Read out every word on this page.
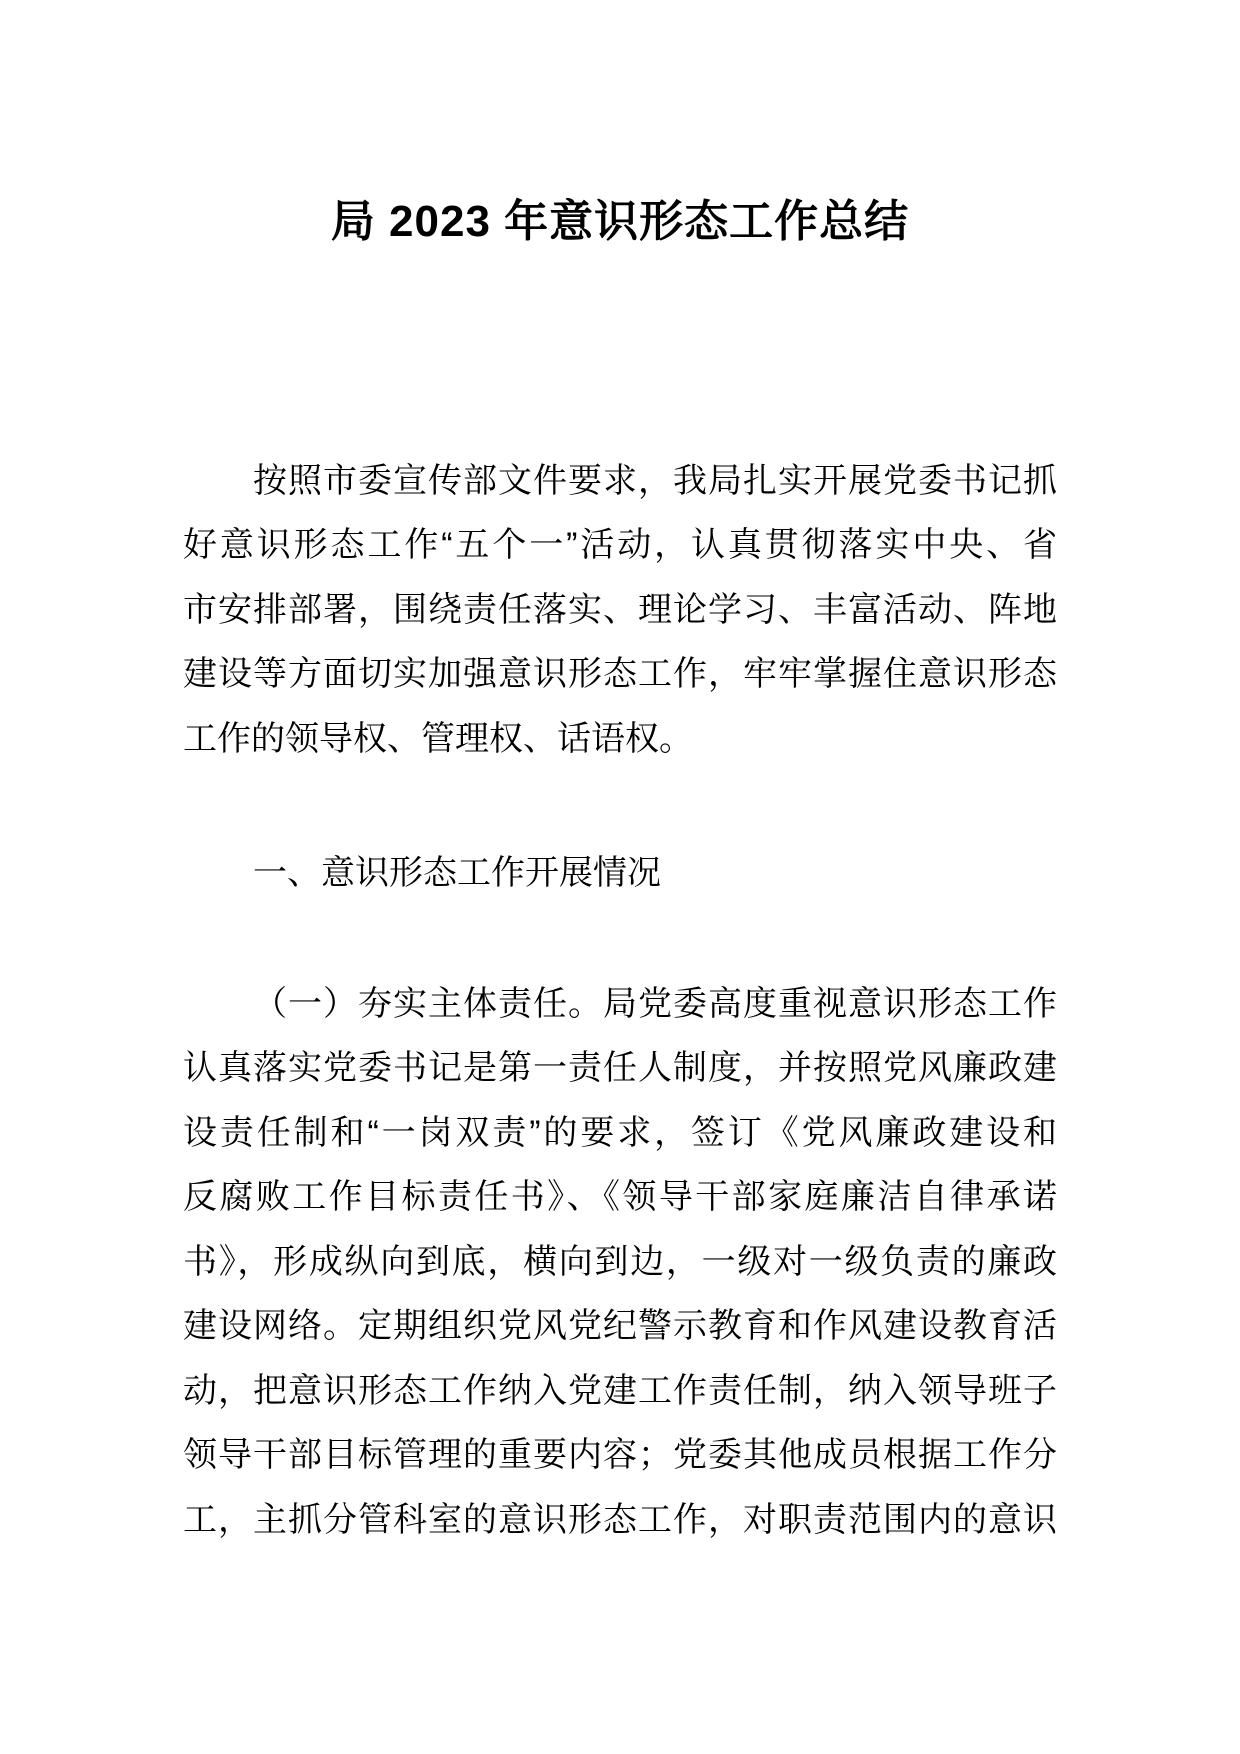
局 2023 年意识形态工作总结
按照市委宣传部文件要求，我局扎实开展党委书记抓
好意识形态工作“五个一”活动，认真贯彻落实中央、省
市安排部署，围绕责任落实、理论学习、丰富活动、阵地
建设等方面切实加强意识形态工作，牢牢掌握住意识形态
工作的领导权、管理权、话语权。
一、意识形态工作开展情况
（一）夯实主体责任。局党委高度重视意识形态工作
认真落实党委书记是第一责任人制度，并按照党风廉政建
设责任制和“一岗双责”的要求，签订《党风廉政建设和
反腐败工作目标责任书》、《领导干部家庭廉洁自律承诺
书》，形成纵向到底，横向到边，一级对一级负责的廉政
建设网络。定期组织党风党纪警示教育和作风建设教育活
动，把意识形态工作纳入党建工作责任制，纳入领导班子
领导干部目标管理的重要内容；党委其他成员根据工作分
工，主抓分管科室的意识形态工作，对职责范围内的意识
